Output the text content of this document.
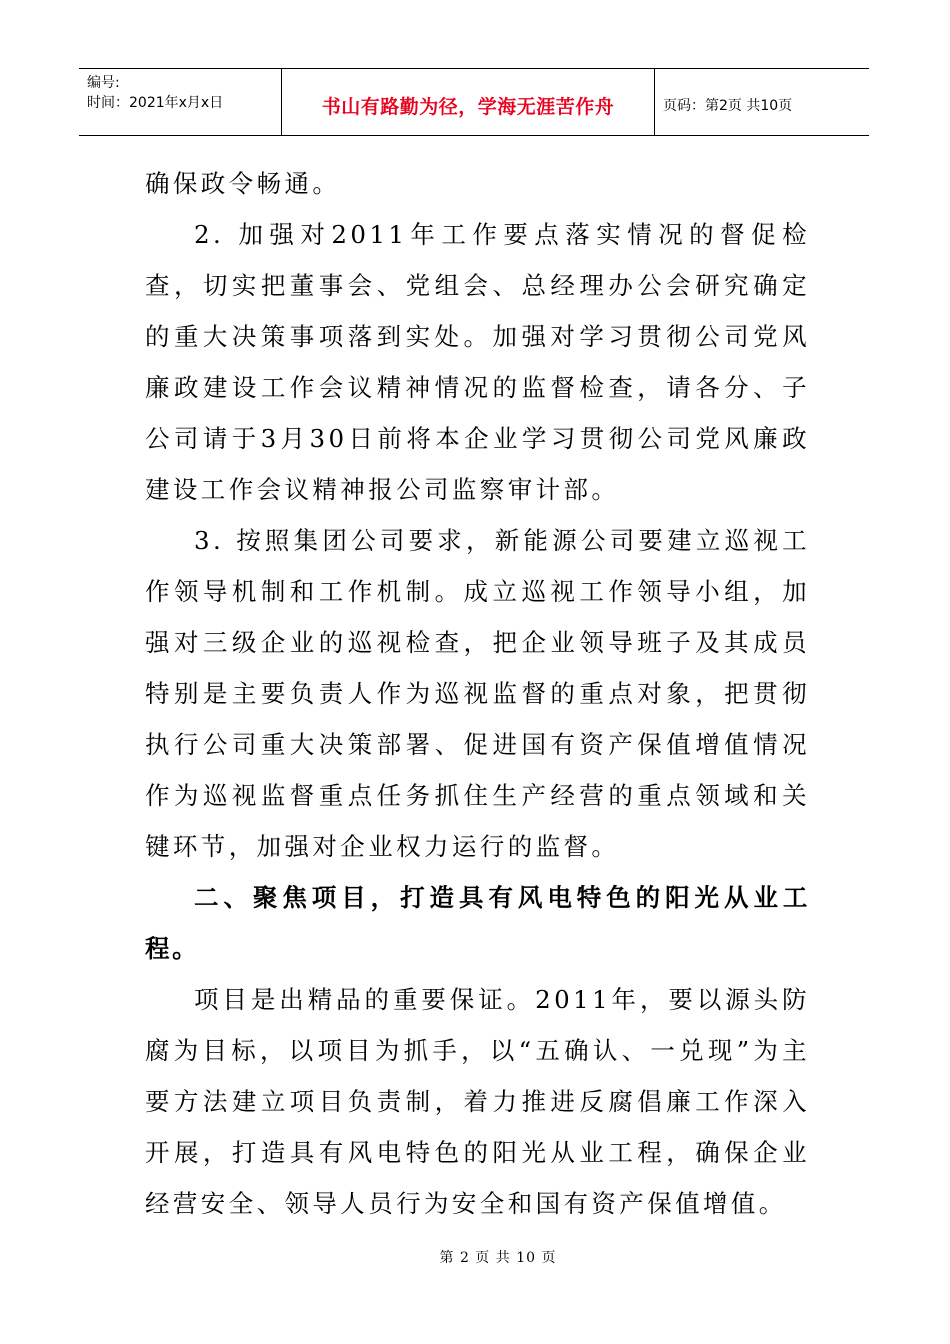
编号:
时间：2021年x月x日	书山有路勤为径，学海无涯苦作舟	页码：第2页 共10页

确保政令畅通。

2. 加强对2011年工作要点落实情况的督促检查，切实把董事会、党组会、总经理办公会研究确定的重大决策事项落到实处。加强对学习贯彻公司党风廉政建设工作会议精神情况的监督检查，请各分、子公司请于3月30日前将本企业学习贯彻公司党风廉政建设工作会议精神报公司监察审计部。

3. 按照集团公司要求，新能源公司要建立巡视工作领导机制和工作机制。成立巡视工作领导小组，加强对三级企业的巡视检查，把企业领导班子及其成员特别是主要负责人作为巡视监督的重点对象，把贯彻执行公司重大决策部署、促进国有资产保值增值情况作为巡视监督重点任务抓住生产经营的重点领域和关键环节，加强对企业权力运行的监督。

二、聚焦项目，打造具有风电特色的阳光从业工程。

项目是出精品的重要保证。2011年，要以源头防腐为目标，以项目为抓手，以“五确认、一兑现”为主要方法建立项目负责制，着力推进反腐倡廉工作深入开展，打造具有风电特色的阳光从业工程，确保企业经营安全、领导人员行为安全和国有资产保值增值。

第 2 页 共 10 页
